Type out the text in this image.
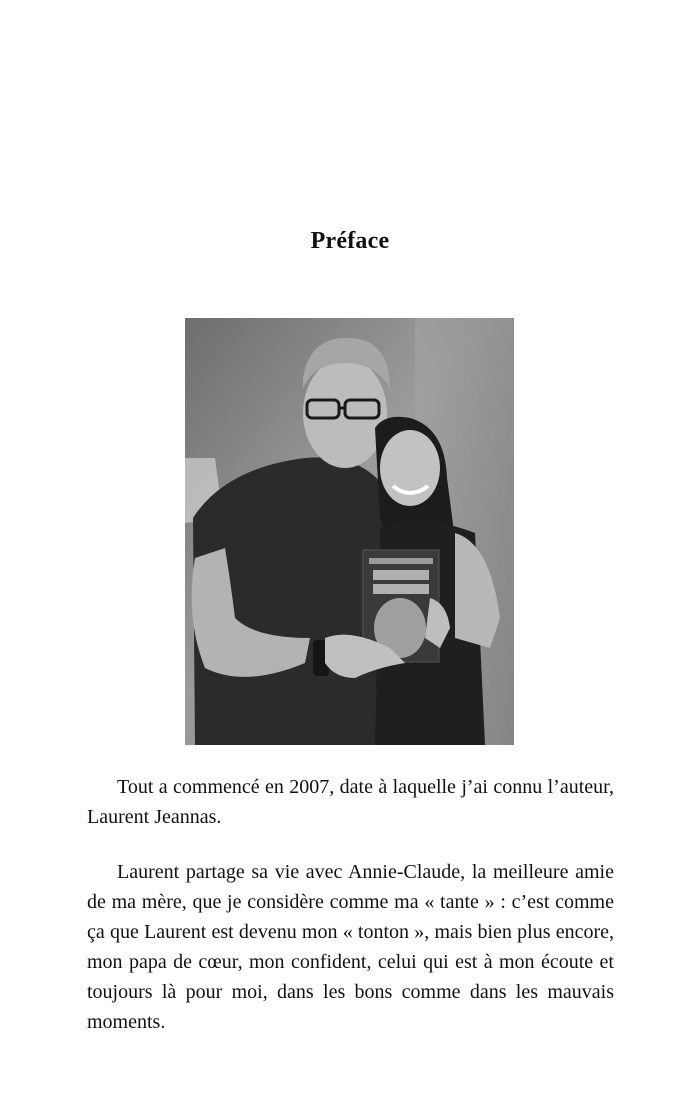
Préface

Tout a commencé en 2007, date à laquelle j’ai connu l’auteur, Laurent Jeannas.

Laurent partage sa vie avec Annie-Claude, la meilleure amie de ma mère, que je considère comme ma « tante » : c’est comme ça que Laurent est devenu mon « tonton », mais bien plus encore, mon papa de cœur, mon confident, celui qui est à mon écoute et toujours là pour moi, dans les bons comme dans les mauvais moments.
